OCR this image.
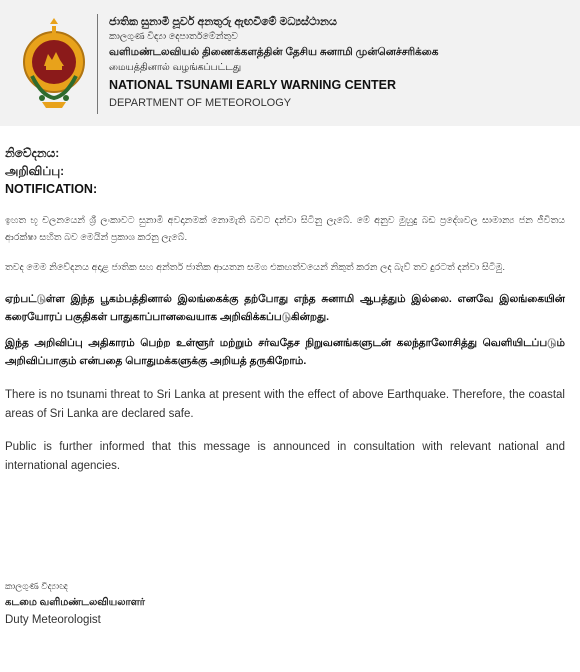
ජාතික සුනාමි පූර්ව අනතුරු ඇඟවීමේ මධ්‍යස්ථානය
කාලගුණ විද්‍යා දෙපාර්තමේන්තුව
வளிமண்டலவியல் திணைக்களத்தின் தேசிய சுனாமி முன்னெச்சரிக்கை
மையத்தினால் வழங்கப்பட்டது
NATIONAL TSUNAMI EARLY WARNING CENTER
DEPARTMENT OF METEOROLOGY
නිවේදනය:
அறிவிப்பு:
NOTIFICATION:

ඉහත භූ චලනයෙන් ශ්‍රී ලංකාවට සුනාමි අවදානමක් නොමැති බවට දන්වා සිටිනු ලැබේ. මේ අනුව මුහුදු බඩ ප්‍රදේශවල සාමාන්‍ය ජන ජීවිතය ආරක්ෂා සහිත බව මෙයින් ප්‍රකාශ කරනු ලැබේ.

තවද මෙම නිවේදනය අදාළ ජාතික සහ අන්තර් ජාතික ආයතන සමග එකඟත්වයෙන් නිකුත් කරන ලද බැව් තව දුරටත් දන්වා සිටිමු.

ஏற்பட்டுள்ள இந்த பூகம்பத்தினால் இலங்கைக்கு தற்போது எந்த சுனாமி ஆபத்தும் இல்லை. எனவே இலங்கையின் கரையோரப் பகுதிகள் பாதுகாப்பானவையாக அறிவிக்கப்படுகின்றது.

இந்த அறிவிப்பு அதிகாரம் பெற்ற உள்ளூர் மற்றும் சர்வதேச நிறுவனங்களுடன் கலந்தாலோசித்து வெளியிடப்படும் அறிவிப்பாகும் என்பதை பொதுமக்களுக்கு அறியத் தருகிறோம்.

There is no tsunami threat to Sri Lanka at present with the effect of above Earthquake. Therefore, the coastal areas of Sri Lanka are declared safe.

Public is further informed that this message is announced in consultation with relevant national and international agencies.

කාලගුණ විද්‍යාඥ
கடமை வளிமண்டலவியலாளர்
Duty Meteorologist
